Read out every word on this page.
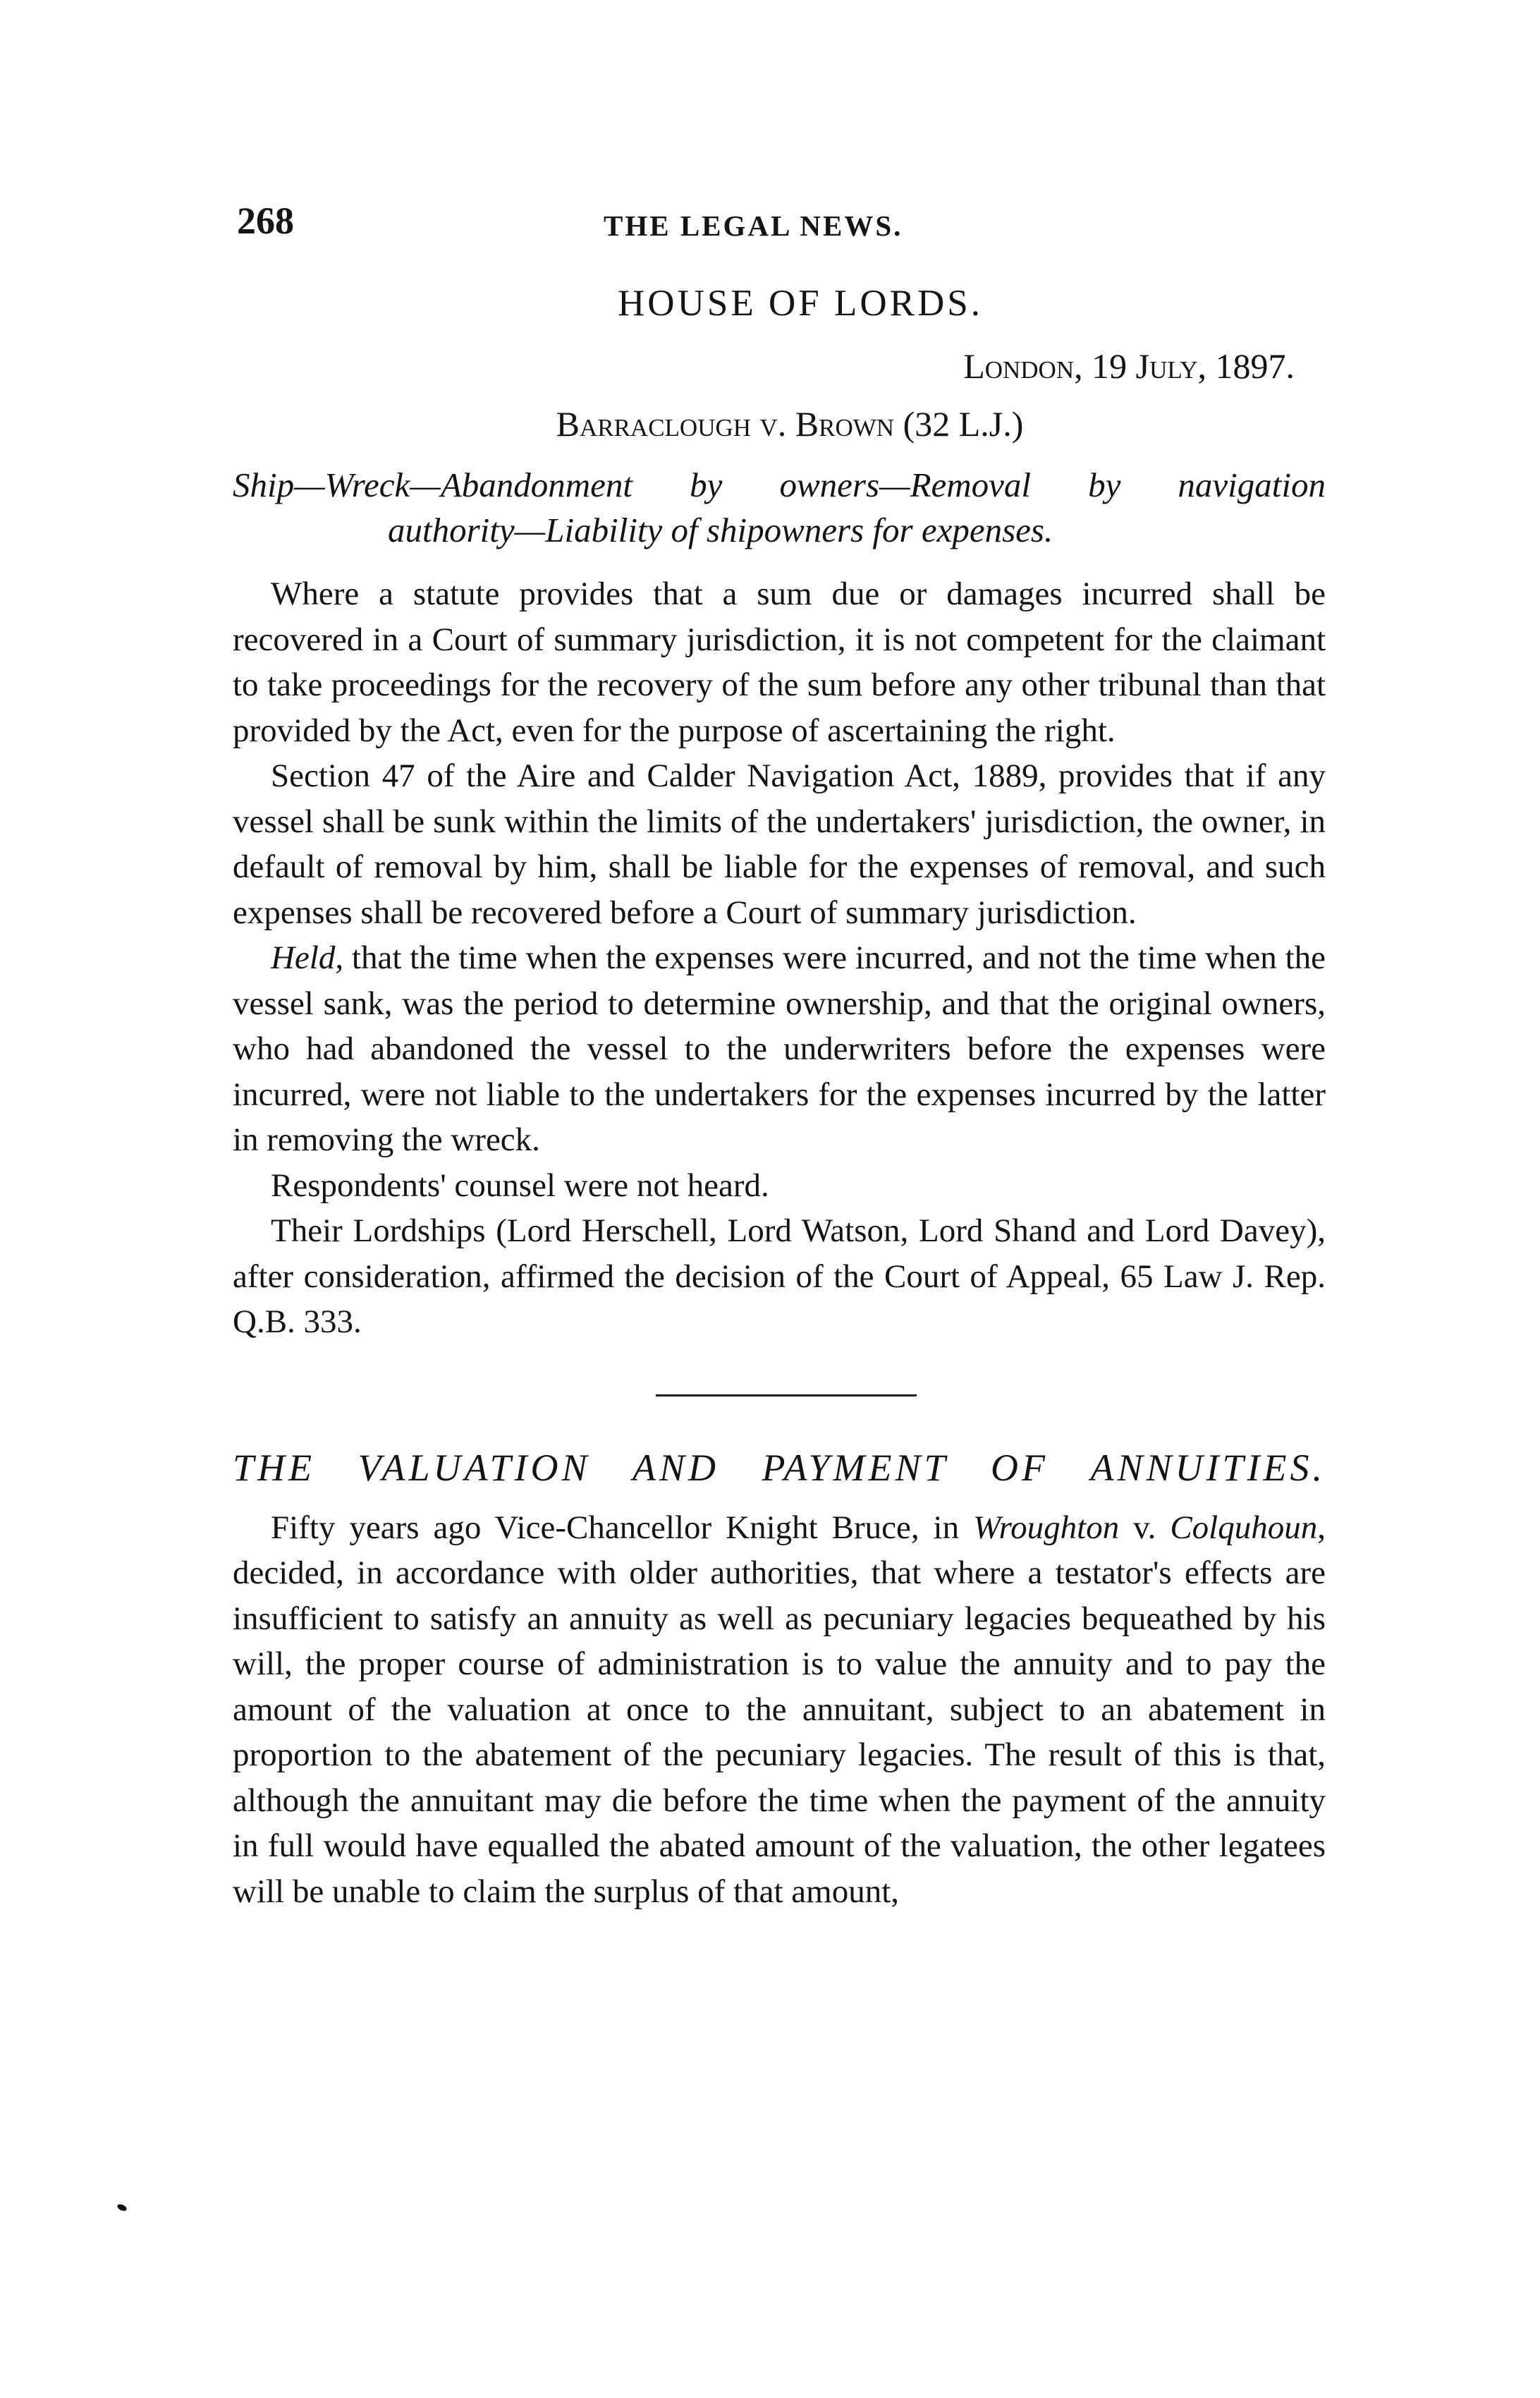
268	THE LEGAL NEWS.
HOUSE OF LORDS.
London, 19 July, 1897.
Barraclough v. Brown (32 L.J.)
Ship—Wreck—Abandonment by owners—Removal by navigation
authority—Liability of shipowners for expenses.

Where a statute provides that a sum due or damages incurred shall be recovered in a Court of summary jurisdiction, it is not competent for the claimant to take proceedings for the recovery of the sum before any other tribunal than that provided by the Act, even for the purpose of ascertaining the right.

Section 47 of the Aire and Calder Navigation Act, 1889, provides that if any vessel shall be sunk within the limits of the undertakers' jurisdiction, the owner, in default of removal by him, shall be liable for the expenses of removal, and such expenses shall be recovered before a Court of summary jurisdiction.

Held, that the time when the expenses were incurred, and not the time when the vessel sank, was the period to determine ownership, and that the original owners, who had abandoned the vessel to the underwriters before the expenses were incurred, were not liable to the undertakers for the expenses incurred by the latter in removing the wreck.

Respondents' counsel were not heard.

Their Lordships (Lord Herschell, Lord Watson, Lord Shand and Lord Davey), after consideration, affirmed the decision of the Court of Appeal, 65 Law J. Rep. Q.B. 333.

THE VALUATION AND PAYMENT OF ANNUITIES.

Fifty years ago Vice-Chancellor Knight Bruce, in Wroughton v. Colquhoun, decided, in accordance with older authorities, that where a testator's effects are insufficient to satisfy an annuity as well as pecuniary legacies bequeathed by his will, the proper course of administration is to value the annuity and to pay the amount of the valuation at once to the annuitant, subject to an abatement in proportion to the abatement of the pecuniary legacies. The result of this is that, although the annuitant may die before the time when the payment of the annuity in full would have equalled the abated amount of the valuation, the other legatees will be unable to claim the surplus of that amount,
